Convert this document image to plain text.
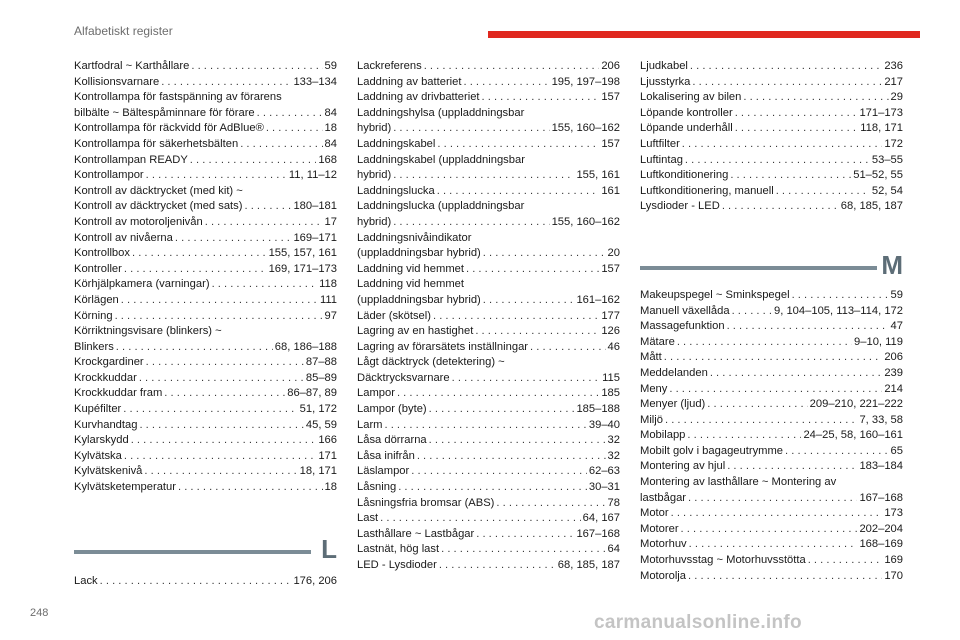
Alfabetiskt register
Kartfodral ~ Karthållare . . .	59
Kollisionsvarnare . . .	133–134
Kontrollampa för fastspänning av förarens
bilbälte ~ Bältespåminnare för förare . . .	84
Kontrollampa för räckvidd för AdBlue® . . .	18
Kontrollampa för säkerhetsbälten . . .	84
Kontrollampan READY . . .	168
Kontrollampor . . .	11, 11–12
Kontroll av däcktrycket (med kit) ~
Kontroll av däcktrycket (med sats) . . .	180–181
Kontroll av motoroljenivån . . .	17
Kontroll av nivåerna . . .	169–171
Kontrollbox . . .	155, 157, 161
Kontroller . . .	169, 171–173
Körhjälpkamera (varningar) . . .	118
Körlägen . . .	111
Körning . . .	97
Körriktningsvisare (blinkers) ~
Blinkers . . .	68, 186–188
Krockgardiner . . .	87–88
Krockkuddar . . .	85–89
Krockkuddar fram . . .	86–87, 89
Kupéfilter . . .	51, 172
Kurvhandtag . . .	45, 59
Kylarskydd . . .	166
Kylvätska . . .	171
Kylvätskenivå . . .	18, 171
Kylvätsketemperatur . . .	18
L
Lack . . .	176, 206
Lackreferens . . .	206
Laddning av batteriet . . .	195, 197–198
Laddning av drivbatteriet . . .	157
Laddningshylsa (uppladdningsbar
hybrid) . . .	155, 160–162
Laddningskabel . . .	157
Laddningskabel (uppladdningsbar
hybrid) . . .	155, 161
Laddningslucka . . .	161
Laddningslucka (uppladdningsbar
hybrid) . . .	155, 160–162
Laddningsnivåindikator
(uppladdningsbar hybrid) . . .	20
Laddning vid hemmet . . .	157
Laddning vid hemmet
(uppladdningsbar hybrid) . . .	161–162
Läder (skötsel) . . .	177
Lagring av en hastighet . . .	126
Lagring av förarsätets inställningar . . .	46
Lågt däcktryck (detektering) ~
Däcktrycksvarnare . . .	115
Lampor . . .	185
Lampor (byte) . . .	185–188
Larm . . .	39–40
Låsa dörrarna . . .	32
Låsa inifrån . . .	32
Läslampor . . .	62–63
Låsning . . .	30–31
Låsningsfria bromsar (ABS) . . .	78
Last . . .	64, 167
Lasthållare ~ Lastbågar . . .	167–168
Lastnät, hög last . . .	64
LED - Lysdioder . . .	68, 185, 187
Ljudkabel . . .	236
Ljusstyrka . . .	217
Lokalisering av bilen . . .	29
Löpande kontroller . . .	171–173
Löpande underhåll . . .	118, 171
Luftfilter . . .	172
Luftintag . . .	53–55
Luftkonditionering . . .	51–52, 55
Luftkonditionering, manuell . . .	52, 54
Lysdioder - LED . . .	68, 185, 187
M
Makeupspegel ~ Sminkspegel . . .	59
Manuell växellåda . . .	9, 104–105, 113–114, 172
Massagefunktion . . .	47
Mätare . . .	9–10, 119
Mått . . .	206
Meddelanden . . .	239
Meny . . .	214
Menyer (ljud) . . .	209–210, 221–222
Miljö . . .	7, 33, 58
Mobilapp . . .	24–25, 58, 160–161
Mobilt golv i bagageutrymme . . .	65
Montering av hjul . . .	183–184
Montering av lasthållare ~ Montering av
lastbågar . . .	167–168
Motor . . .	173
Motorer . . .	202–204
Motorhuv . . .	168–169
Motorhuvsstag ~ Motorhuvsstötta . . .	169
Motorolja . . .	170
248	carmanualsonline.info
